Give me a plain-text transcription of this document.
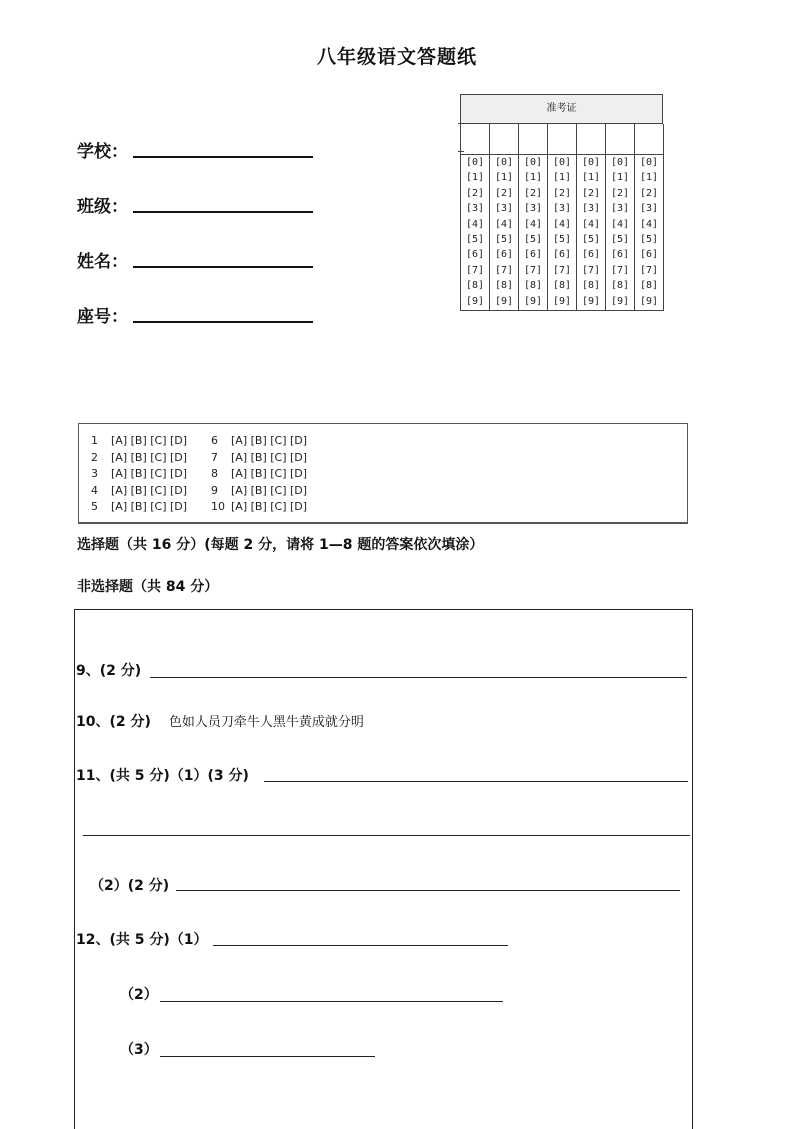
八年级语文答题纸
学校：
班级：
姓名：
座号：
准考证
[0]
[1]
[2]
[3]
[4]
[5]
[6]
[7]
[8]
[9]
[0]
[1]
[2]
[3]
[4]
[5]
[6]
[7]
[8]
[9]
[0]
[1]
[2]
[3]
[4]
[5]
[6]
[7]
[8]
[9]
[0]
[1]
[2]
[3]
[4]
[5]
[6]
[7]
[8]
[9]
[0]
[1]
[2]
[3]
[4]
[5]
[6]
[7]
[8]
[9]
[0]
[1]
[2]
[3]
[4]
[5]
[6]
[7]
[8]
[9]
[0]
[1]
[2]
[3]
[4]
[5]
[6]
[7]
[8]
[9]
1 [A] [B] [C] [D]
2 [A] [B] [C] [D]
3 [A] [B] [C] [D]
4 [A] [B] [C] [D]
5 [A] [B] [C] [D]
6 [A] [B] [C] [D]
7 [A] [B] [C] [D]
8 [A] [B] [C] [D]
9 [A] [B] [C] [D]
10 [A] [B] [C] [D]
选择题（共 16 分）(每题 2 分，请将 1—8 题的答案依次填涂）
非选择题（共 84 分）
9、(2 分)
10、(2 分) 色如人员刀牵牛人黑牛黄成就分明
11、(共 5 分)（1）(3 分)
（2）(2 分)
12、(共 5 分)（1）
（2）
（3）
